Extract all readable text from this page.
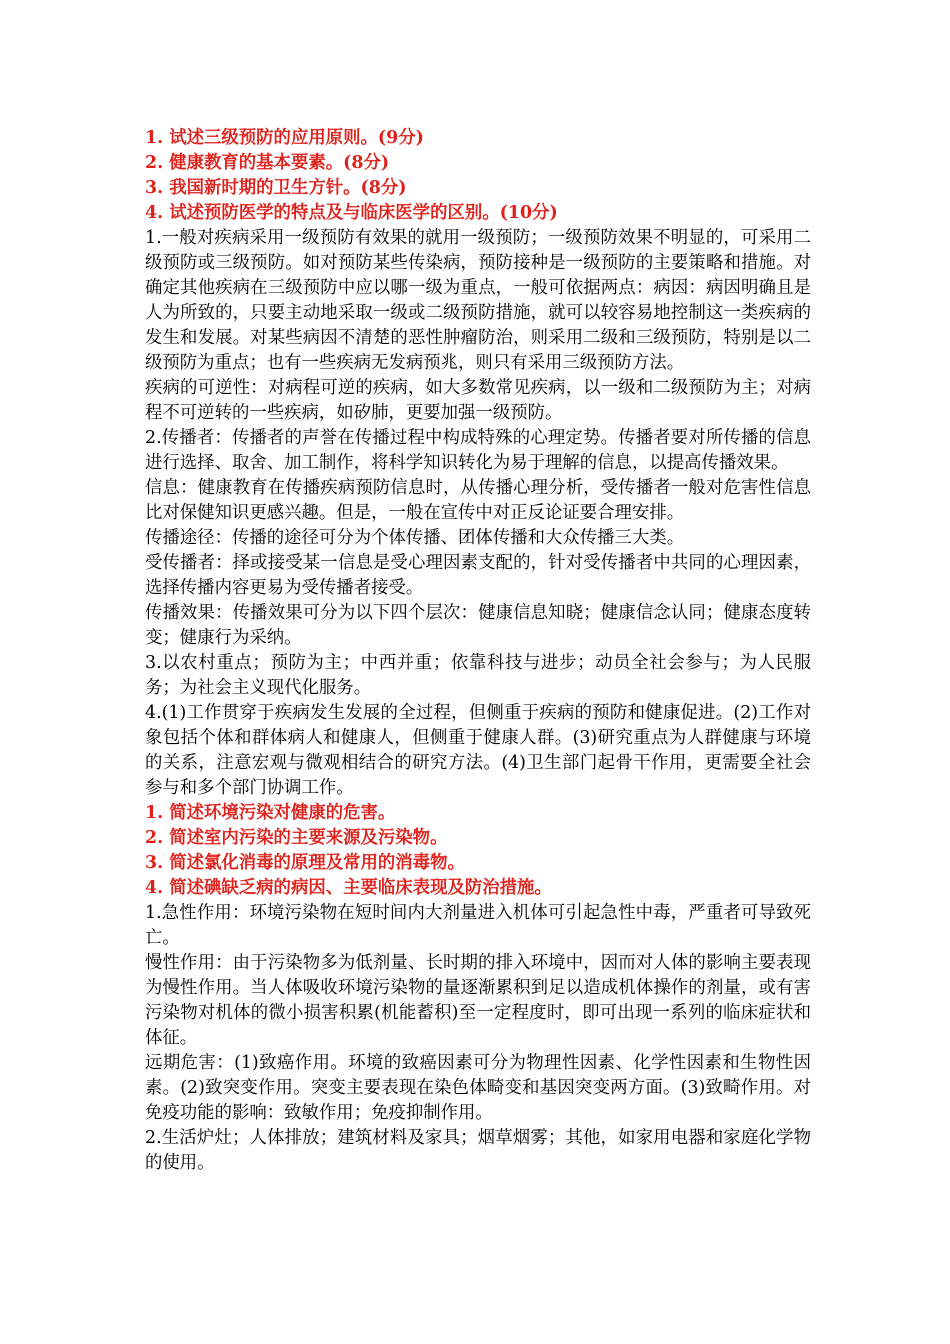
1. 试述三级预防的应用原则。(9分)

2. 健康教育的基本要素。(8分)

3. 我国新时期的卫生方针。(8分)

4. 试述预防医学的特点及与临床医学的区别。(10分)

1.一般对疾病采用一级预防有效果的就用一级预防；一级预防效果不明显的，可采用二级预防或三级预防。如对预防某些传染病，预防接种是一级预防的主要策略和措施。对确定其他疾病在三级预防中应以哪一级为重点，一般可依据两点：病因：病因明确且是人为所致的，只要主动地采取一级或二级预防措施，就可以较容易地控制这一类疾病的发生和发展。对某些病因不清楚的恶性肿瘤防治，则采用二级和三级预防，特别是以二级预防为重点；也有一些疾病无发病预兆，则只有采用三级预防方法。

疾病的可逆性：对病程可逆的疾病，如大多数常见疾病，以一级和二级预防为主；对病程不可逆转的一些疾病，如矽肺，更要加强一级预防。

2.传播者：传播者的声誉在传播过程中构成特殊的心理定势。传播者要对所传播的信息进行选择、取舍、加工制作，将科学知识转化为易于理解的信息，以提高传播效果。

信息：健康教育在传播疾病预防信息时，从传播心理分析，受传播者一般对危害性信息比对保健知识更感兴趣。但是，一般在宣传中对正反论证要合理安排。

传播途径：传播的途径可分为个体传播、团体传播和大众传播三大类。

受传播者：择或接受某一信息是受心理因素支配的，针对受传播者中共同的心理因素，选择传播内容更易为受传播者接受。

传播效果：传播效果可分为以下四个层次：健康信息知晓；健康信念认同；健康态度转变；健康行为采纳。

3.以农村重点；预防为主；中西并重；依靠科技与进步；动员全社会参与；为人民服务；为社会主义现代化服务。

4.(1)工作贯穿于疾病发生发展的全过程，但侧重于疾病的预防和健康促进。(2)工作对象包括个体和群体病人和健康人，但侧重于健康人群。(3)研究重点为人群健康与环境的关系，注意宏观与微观相结合的研究方法。(4)卫生部门起骨干作用，更需要全社会参与和多个部门协调工作。

1. 简述环境污染对健康的危害。

2. 简述室内污染的主要来源及污染物。

3. 简述氯化消毒的原理及常用的消毒物。

4. 简述碘缺乏病的病因、主要临床表现及防治措施。

1.急性作用：环境污染物在短时间内大剂量进入机体可引起急性中毒，严重者可导致死亡。

慢性作用：由于污染物多为低剂量、长时期的排入环境中，因而对人体的影响主要表现为慢性作用。当人体吸收环境污染物的量逐渐累积到足以造成机体操作的剂量，或有害污染物对机体的微小损害积累(机能蓄积)至一定程度时，即可出现一系列的临床症状和体征。

远期危害：(1)致癌作用。环境的致癌因素可分为物理性因素、化学性因素和生物性因素。(2)致突变作用。突变主要表现在染色体畸变和基因突变两方面。(3)致畸作用。对免疫功能的影响：致敏作用；免疫抑制作用。

2.生活炉灶；人体排放；建筑材料及家具；烟草烟雾；其他，如家用电器和家庭化学物的使用。
